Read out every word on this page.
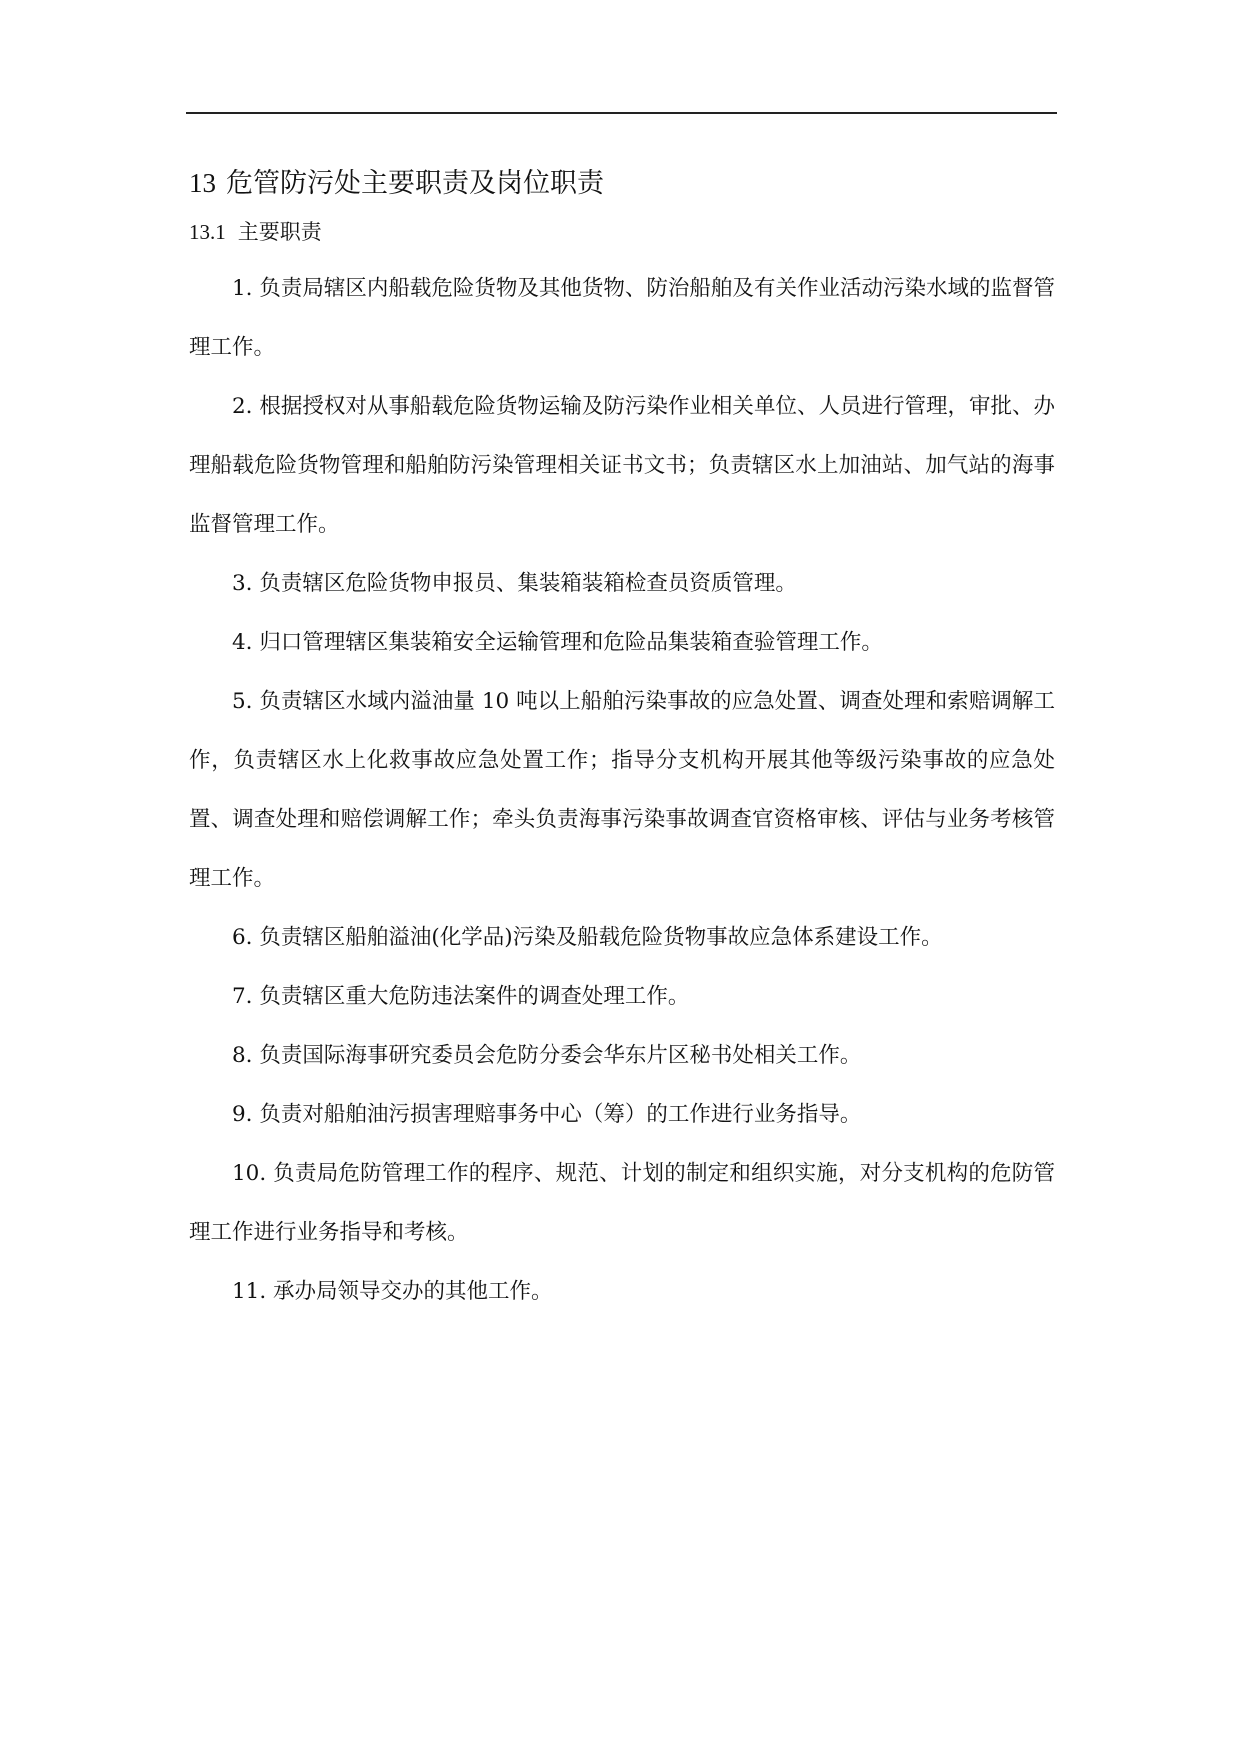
13 危管防污处主要职责及岗位职责
13.1 主要职责

1. 负责局辖区内船载危险货物及其他货物、防治船舶及有关作业活动污染水域的监督管理工作。

2. 根据授权对从事船载危险货物运输及防污染作业相关单位、人员进行管理，审批、办理船载危险货物管理和船舶防污染管理相关证书文书；负责辖区水上加油站、加气站的海事监督管理工作。

3. 负责辖区危险货物申报员、集装箱装箱检查员资质管理。

4. 归口管理辖区集装箱安全运输管理和危险品集装箱查验管理工作。

5. 负责辖区水域内溢油量 10 吨以上船舶污染事故的应急处置、调查处理和索赔调解工作，负责辖区水上化救事故应急处置工作；指导分支机构开展其他等级污染事故的应急处置、调查处理和赔偿调解工作；牵头负责海事污染事故调查官资格审核、评估与业务考核管理工作。

6. 负责辖区船舶溢油(化学品)污染及船载危险货物事故应急体系建设工作。

7. 负责辖区重大危防违法案件的调查处理工作。

8. 负责国际海事研究委员会危防分委会华东片区秘书处相关工作。

9. 负责对船舶油污损害理赔事务中心（筹）的工作进行业务指导。

10. 负责局危防管理工作的程序、规范、计划的制定和组织实施，对分支机构的危防管理工作进行业务指导和考核。

11. 承办局领导交办的其他工作。
